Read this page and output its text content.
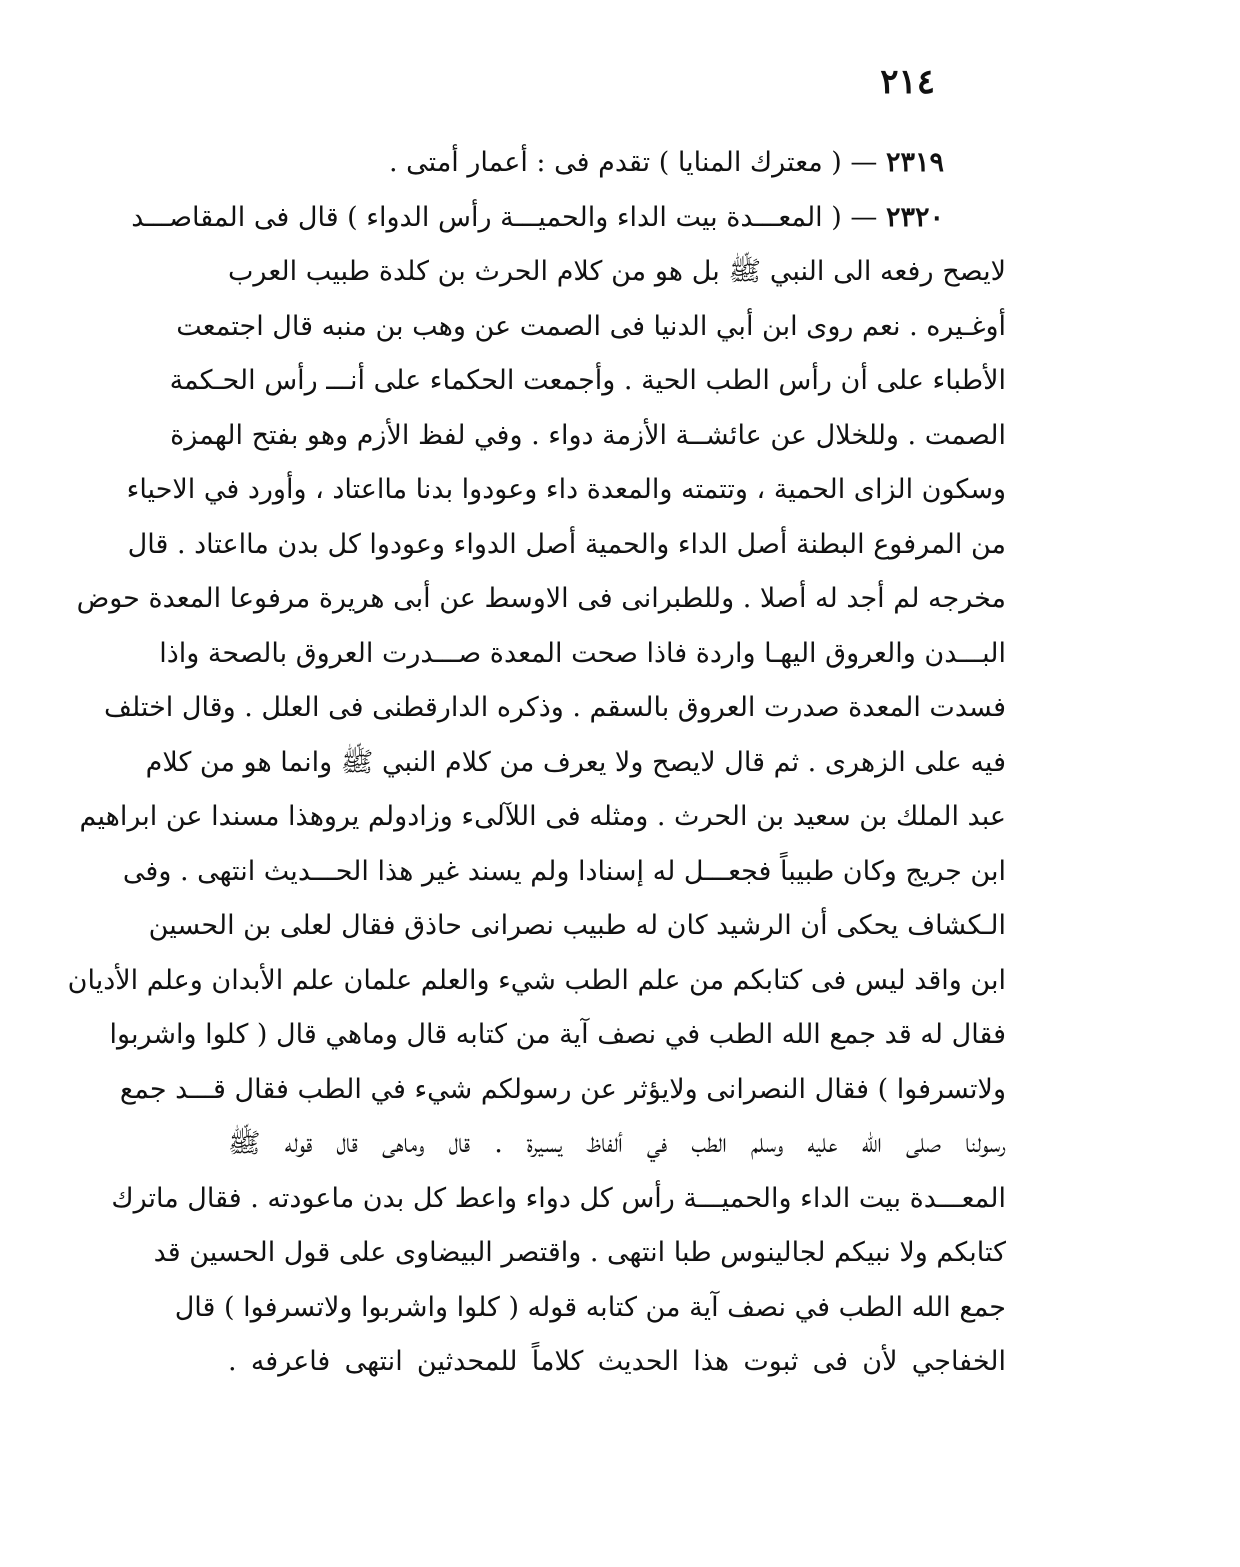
٢١٤
٢٣١٩ — ( معترك المنايا ) تقدم فى : أعمار أمتى .
٢٣٢٠ — ( المعـــدة بيت الداء والحميـــة رأس الدواء ) قال فى المقاصـــد
لايصح رفعه الى النبي ﷺ بل هو من كلام الحرث بن كلدة طبيب العرب
أوغـيره . نعم روى ابن أبي الدنيا فى الصمت عن وهب بن منبه قال اجتمعت
الأطباء على أن رأس الطب الحية . وأجمعت الحكماء على أنـــ رأس الحـكمة
الصمت . وللخلال عن عائشــة الأزمة دواء . وفي لفظ الأزم وهو بفتح الهمزة
وسكون الزاى الحمية ، وتتمته والمعدة داء وعودوا بدنا مااعتاد ، وأورد في الاحياء
من المرفوع البطنة أصل الداء والحمية أصل الدواء وعودوا كل بدن مااعتاد . قال
مخرجه لم أجد له أصلا . وللطبرانى فى الاوسط عن أبى هريرة مرفوعا المعدة حوض
البـــدن والعروق اليهـا واردة فاذا صحت المعدة صـــدرت العروق بالصحة واذا
فسدت المعدة صدرت العروق بالسقم . وذكره الدارقطنى فى العلل . وقال اختلف
فيه على الزهرى . ثم قال لايصح ولا يعرف من كلام النبي ﷺ وانما هو من كلام
عبد الملك بن سعيد بن الحرث . ومثله فى اللآلىء وزادولم يروهذا مسندا عن ابراهيم
ابن جريج وكان طبيباً فجعـــل له إسنادا ولم يسند غير هذا الحـــديث انتهى . وفى
الـكشاف يحكى أن الرشيد كان له طبيب نصرانى حاذق فقال لعلى بن الحسين
ابن واقد ليس فى كتابكم من علم الطب شيء والعلم علمان علم الأبدان وعلم الأديان
فقال له قد جمع الله الطب في نصف آية من كتابه قال وماهي قال ( كلوا واشربوا
ولاتسرفوا ) فقال النصرانى ولايؤثر عن رسولكم شيء في الطب فقال قـــد جمع
رسولنا صلى الله عليه وسلم الطب في ألفاظ يسيرة . قال وماهى قال قوله ﷺ
المعـــدة بيت الداء والحميـــة رأس كل دواء واعط كل بدن ماعودته . فقال ماترك
كتابكم ولا نبيكم لجالينوس طبا انتهى . واقتصر البيضاوى على قول الحسين قد
جمع الله الطب في نصف آية من كتابه قوله ( كلوا واشربوا ولاتسرفوا ) قال
الخفاجي لأن فى ثبوت هذا الحديث كلاماً للمحدثين انتهى فاعرفه .
